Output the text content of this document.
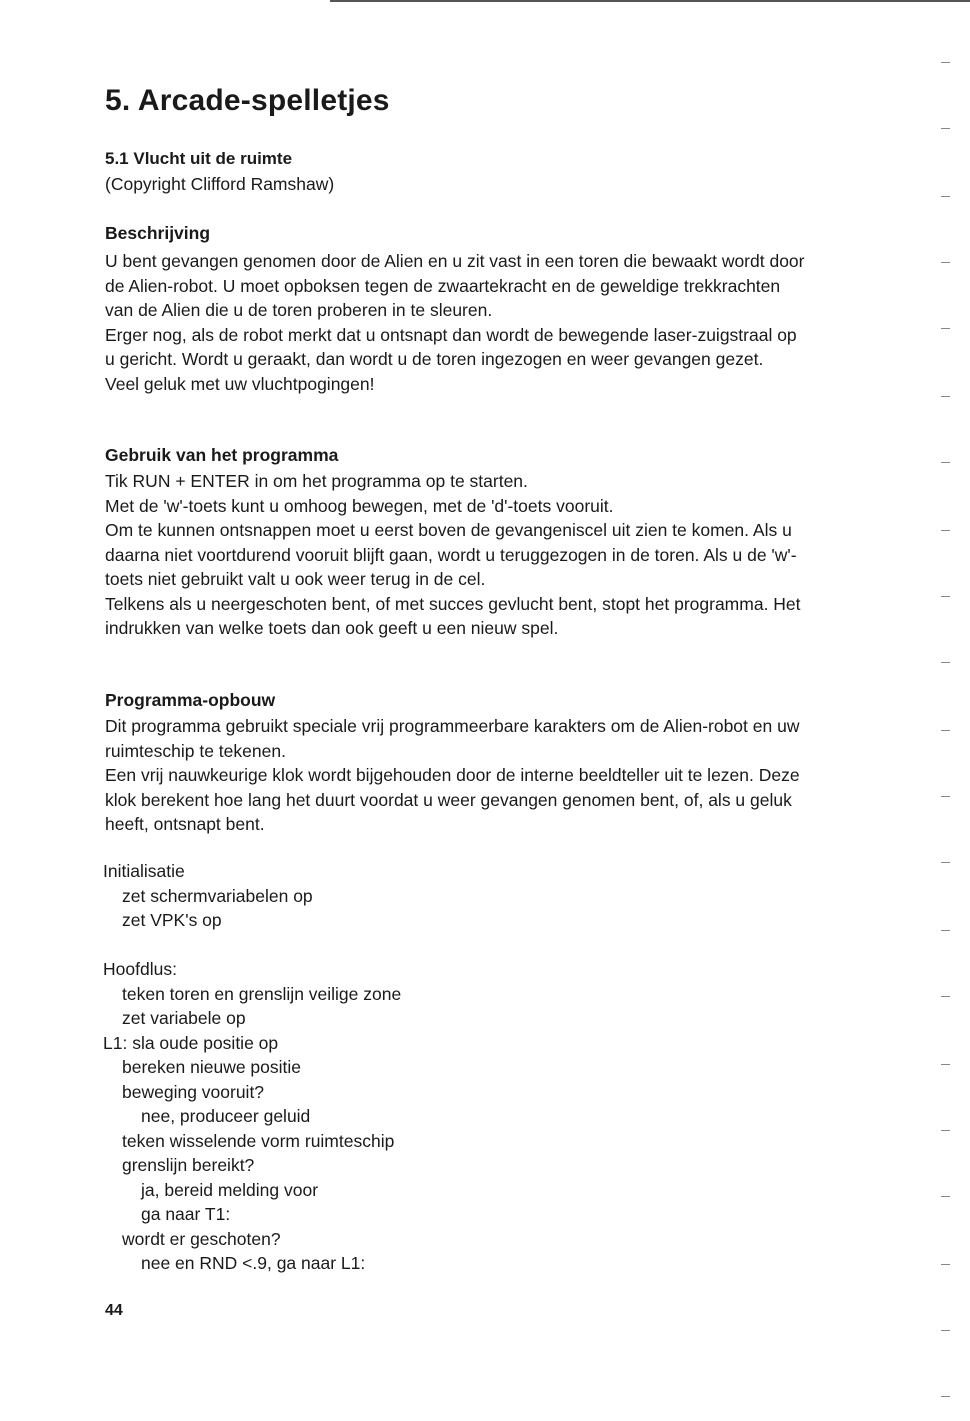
5. Arcade-spelletjes
5.1 Vlucht uit de ruimte

(Copyright Clifford Ramshaw)

Beschrijving
U bent gevangen genomen door de Alien en u zit vast in een toren die bewaakt wordt door
de Alien-robot. U moet opboksen tegen de zwaartekracht en de geweldige trekkrachten
van de Alien die u de toren proberen in te sleuren.
Erger nog, als de robot merkt dat u ontsnapt dan wordt de bewegende laser-zuigstraal op
u gericht. Wordt u geraakt, dan wordt u de toren ingezogen en weer gevangen gezet.
Veel geluk met uw vluchtpogingen!
Gebruik van het programma
Tik RUN + ENTER in om het programma op te starten.
Met de 'w'-toets kunt u omhoog bewegen, met de 'd'-toets vooruit.
Om te kunnen ontsnappen moet u eerst boven de gevangeniscel uit zien te komen. Als u
daarna niet voortdurend vooruit blijft gaan, wordt u teruggezogen in de toren. Als u de 'w'-
toets niet gebruikt valt u ook weer terug in de cel.
Telkens als u neergeschoten bent, of met succes gevlucht bent, stopt het programma. Het
indrukken van welke toets dan ook geeft u een nieuw spel.
Programma-opbouw
Dit programma gebruikt speciale vrij programmeerbare karakters om de Alien-robot en uw
ruimteschip te tekenen.
Een vrij nauwkeurige klok wordt bijgehouden door de interne beeldteller uit te lezen. Deze
klok berekent hoe lang het duurt voordat u weer gevangen genomen bent, of, als u geluk
heeft, ontsnapt bent.
Initialisatie
zet schermvariabelen op
zet VPK's op
Hoofdlus:
teken toren en grenslijn veilige zone
zet variabele op
L1: sla oude positie op
bereken nieuwe positie
beweging vooruit?
nee, produceer geluid
teken wisselende vorm ruimteschip
grenslijn bereikt?
ja, bereid melding voor
ga naar T1:
wordt er geschoten?
nee en RND <.9, ga naar L1:

44
